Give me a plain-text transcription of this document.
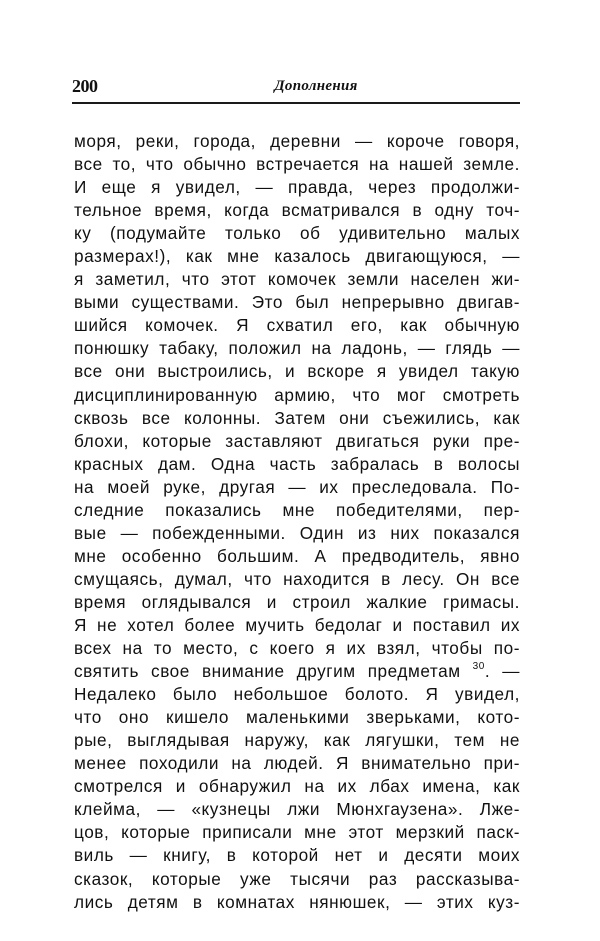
200	Дополнения
моря, реки, города, деревни — короче говоря,
все то, что обычно встречается на нашей земле.
И еще я увидел, — правда, через продолжи-
тельное время, когда всматривался в одну точ-
ку (подумайте только об удивительно малых
размерах!), как мне казалось двигающуюся, —
я заметил, что этот комочек земли населен жи-
выми существами. Это был непрерывно двигав-
шийся комочек. Я схватил его, как обычную
понюшку табаку, положил на ладонь, — глядь —
все они выстроились, и вскоре я увидел такую
дисциплинированную армию, что мог смотреть
сквозь все колонны. Затем они съежились, как
блохи, которые заставляют двигаться руки пре-
красных дам. Одна часть забралась в волосы
на моей руке, другая — их преследовала. По-
следние показались мне победителями, пер-
вые — побежденными. Один из них показался
мне особенно большим. А предводитель, явно
смущаясь, думал, что находится в лесу. Он все
время оглядывался и строил жалкие гримасы.
Я не хотел более мучить бедолаг и поставил их
всех на то место, с коего я их взял, чтобы по-
святить свое внимание другим предметам $^{30}$. —
Недалеко было небольшое болото. Я увидел,
что оно кишело маленькими зверьками, кото-
рые, выглядывая наружу, как лягушки, тем не
менее походили на людей. Я внимательно при-
смотрелся и обнаружил на их лбах имена, как
клейма, — «кузнецы лжи Мюнхгаузена». Лже-
цов, которые приписали мне этот мерзкий паск-
виль — книгу, в которой нет и десяти моих
сказок, которые уже тысячи раз рассказыва-
лись детям в комнатах нянюшек, — этих куз-
